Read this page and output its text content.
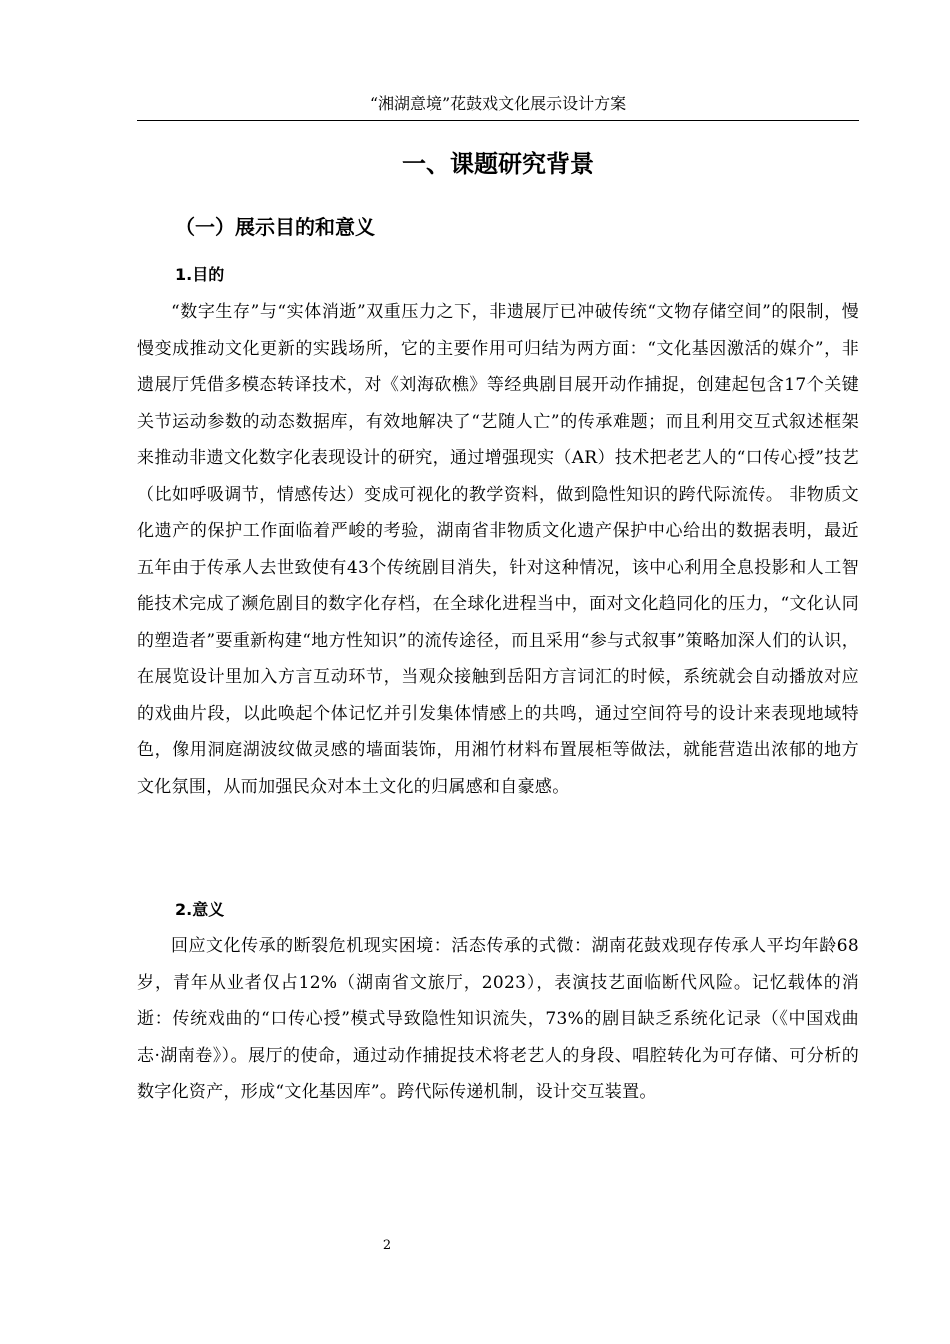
“湘湖意境”花鼓戏文化展示设计方案
一、课题研究背景
（一）展示目的和意义
1.目的

“数字生存”与“实体消逝”双重压力之下，非遗展厅已冲破传统“文物存储空间”的限制，慢慢变成推动文化更新的实践场所，它的主要作用可归结为两方面：“文化基因激活的媒介”，非遗展厅凭借多模态转译技术，对《刘海砍樵》等经典剧目展开动作捕捉，创建起包含17个关键关节运动参数的动态数据库，有效地解决了“艺随人亡”的传承难题；而且利用交互式叙述框架来推动非遗文化数字化表现设计的研究，通过增强现实（AR）技术把老艺人的“口传心授”技艺（比如呼吸调节，情感传达）变成可视化的教学资料，做到隐性知识的跨代际流传。 非物质文化遗产的保护工作面临着严峻的考验，湖南省非物质文化遗产保护中心给出的数据表明，最近五年由于传承人去世致使有43个传统剧目消失，针对这种情况，该中心利用全息投影和人工智能技术完成了濒危剧目的数字化存档，在全球化进程当中，面对文化趋同化的压力，“文化认同的塑造者”要重新构建“地方性知识”的流传途径，而且采用“参与式叙事”策略加深人们的认识，在展览设计里加入方言互动环节，当观众接触到岳阳方言词汇的时候，系统就会自动播放对应的戏曲片段，以此唤起个体记忆并引发集体情感上的共鸣，通过空间符号的设计来表现地域特色，像用洞庭湖波纹做灵感的墙面装饰，用湘竹材料布置展柜等做法，就能营造出浓郁的地方文化氛围，从而加强民众对本土文化的归属感和自豪感。

2.意义

回应文化传承的断裂危机现实困境：活态传承的式微：湖南花鼓戏现存传承人平均年龄68岁，青年从业者仅占12%（湖南省文旅厅，2023），表演技艺面临断代风险。记忆载体的消逝：传统戏曲的“口传心授”模式导致隐性知识流失，73%的剧目缺乏系统化记录（《中国戏曲志·湖南卷》）。展厅的使命，通过动作捕捉技术将老艺人的身段、唱腔转化为可存储、可分析的数字化资产，形成“文化基因库”。跨代际传递机制，设计交互装置。

2
